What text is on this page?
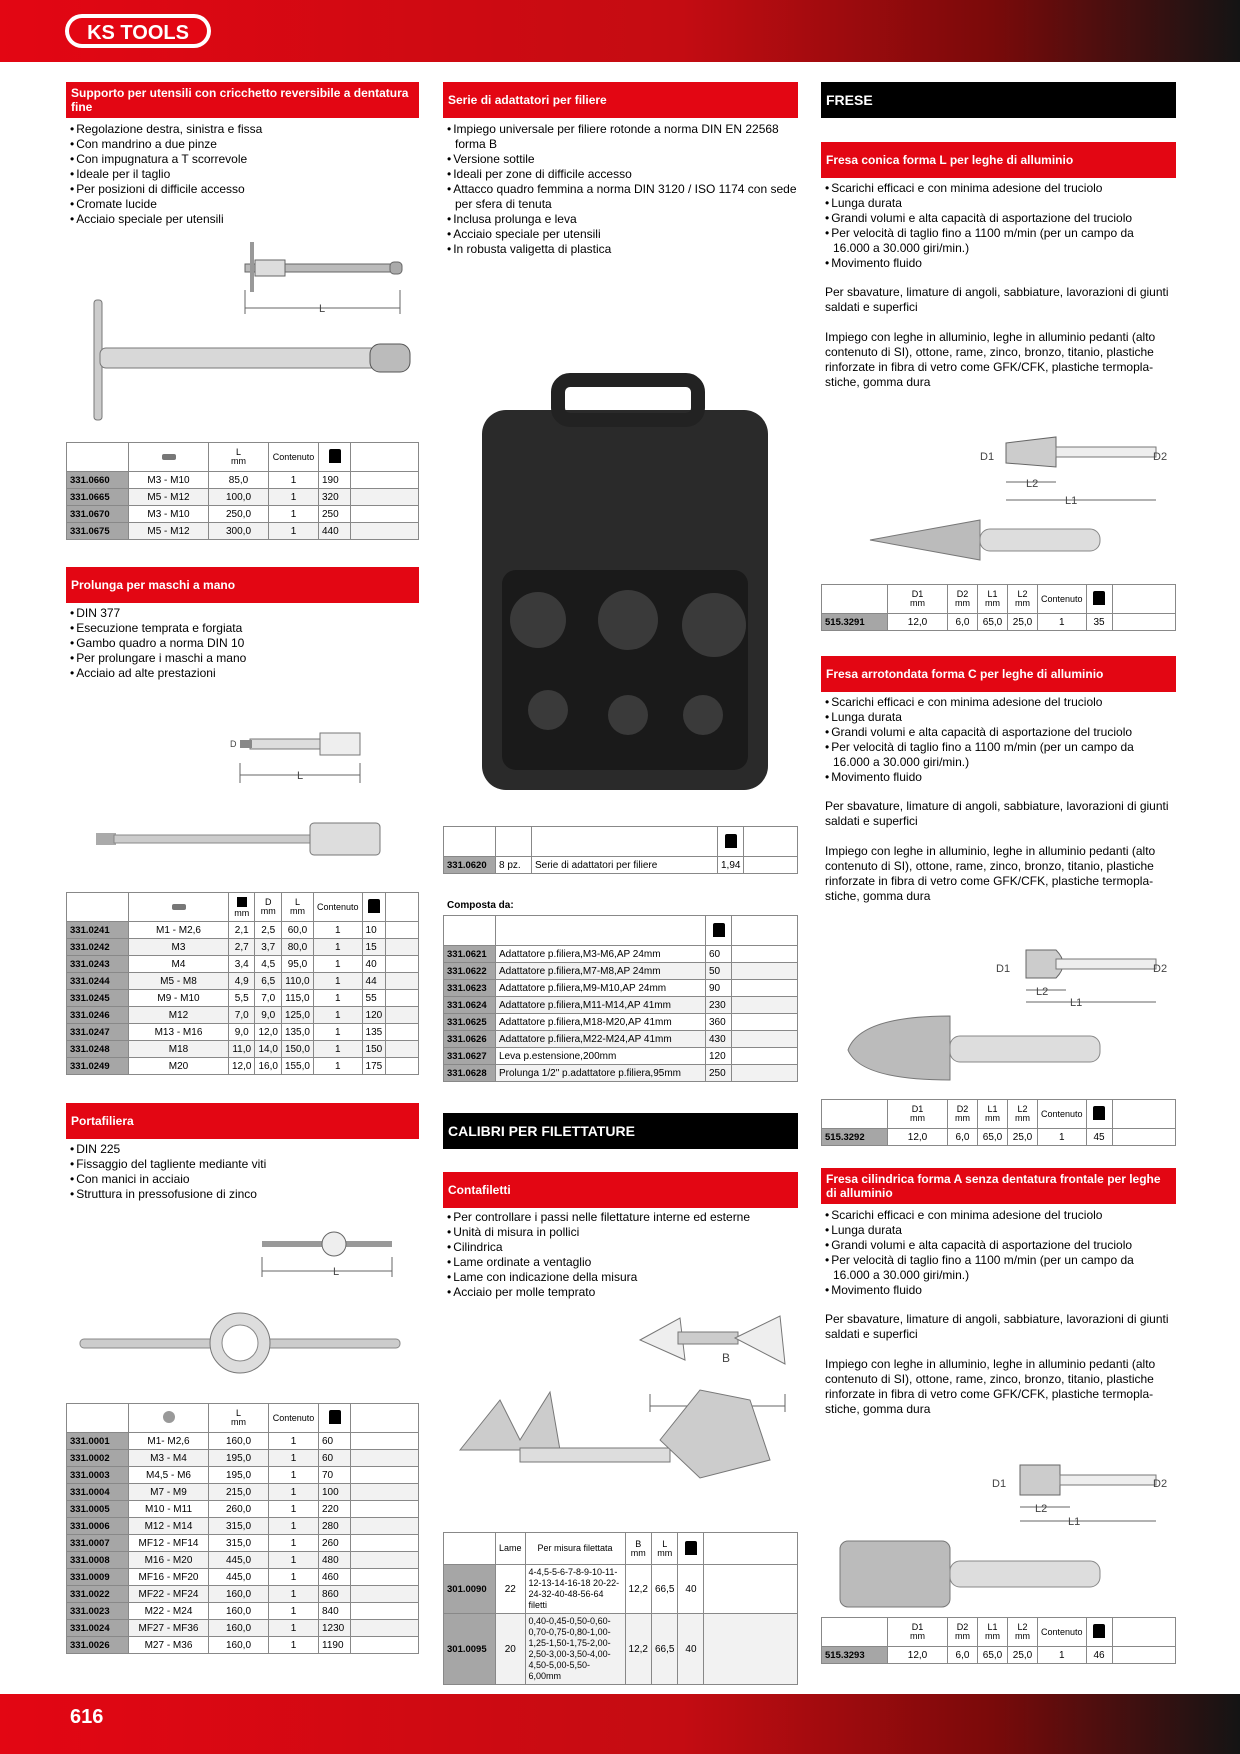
KS TOOLS
Supporto per utensili con cricchetto reversibile a dentatura fine
• Regolazione destra, sinistra e fissa
• Con mandrino a due pinze
• Con impugnatura a T scorrevole
• Ideale per il taglio
• Per posizioni di difficile accesso
• Cromate lucide
• Acciaio speciale per utensili
L
		L
mm	Contenuto		
331.0660	M3 - M10	85,0	1	190	
331.0665	M5 - M12	100,0	1	320	
331.0670	M3 - M10	250,0	1	250	
331.0675	M5 - M12	300,0	1	440	
Prolunga per maschi a mano
• DIN 377
• Esecuzione temprata e forgiata
• Gambo quadro a norma DIN 10
• Per prolungare i maschi a mano
• Acciaio ad alte prestazioni
D
L

mm	D
mm	L
mm	Contenuto		
331.0241	M1 - M2,6	2,1	2,5	60,0	1	10	
331.0242	M3	2,7	3,7	80,0	1	15	
331.0243	M4	3,4	4,5	95,0	1	40	
331.0244	M5 - M8	4,9	6,5	110,0	1	44	
331.0245	M9 - M10	5,5	7,0	115,0	1	55	
331.0246	M12	7,0	9,0	125,0	1	120	
331.0247	M13 - M16	9,0	12,0	135,0	1	135	
331.0248	M18	11,0	14,0	150,0	1	150	
331.0249	M20	12,0	16,0	155,0	1	175	
Portafiliera
• DIN 225
• Fissaggio del tagliente mediante viti
• Con manici in acciaio
• Struttura in pressofusione di zinco
L
		L
mm	Contenuto		
331.0001	M1- M2,6	160,0	1	60	
331.0002	M3 - M4	195,0	1	60	
331.0003	M4,5 - M6	195,0	1	70	
331.0004	M7 - M9	215,0	1	100	
331.0005	M10 - M11	260,0	1	220	
331.0006	M12 - M14	315,0	1	280	
331.0007	MF12 - MF14	315,0	1	260	
331.0008	M16 - M20	445,0	1	480	
331.0009	MF16 - MF20	445,0	1	460	
331.0022	MF22 - MF24	160,0	1	860	
331.0023	M22 - M24	160,0	1	840	
331.0024	MF27 - MF36	160,0	1	1230	
331.0026	M27 - M36	160,0	1	1190	
Serie di adattatori per filiere
• Impiego universale per filiere rotonde a norma DIN EN 22568 forma B
• Versione sottile
• Ideali per zone di difficile accesso
• Attacco quadro femmina a norma DIN 3120 / ISO 1174 con sede per sfera di tenuta
• Inclusa prolunga e leva
• Acciaio speciale per utensili
• In robusta valigetta di plastica

331.0620	8 pz.	Serie di adattatori per filiere	1,94	
Composta da:

331.0621	Adattatore p.filiera,M3-M6,AP 24mm	60	
331.0622	Adattatore p.filiera,M7-M8,AP 24mm	50	
331.0623	Adattatore p.filiera,M9-M10,AP 24mm	90	
331.0624	Adattatore p.filiera,M11-M14,AP 41mm	230	
331.0625	Adattatore p.filiera,M18-M20,AP 41mm	360	
331.0626	Adattatore p.filiera,M22-M24,AP 41mm	430	
331.0627	Leva p.estensione,200mm	120	
331.0628	Prolunga 1/2" p.adattatore p.filiera,95mm	250	
CALIBRI PER FILETTATURE
Contafiletti
• Per controllare i passi nelle filettature interne ed esterne
• Unità di misura in pollici
• Cilindrica
• Lame ordinate a ventaglio
• Lame con indicazione della misura
• Acciaio per molle temprato
B
	Lame	Per misura filettata	B
mm	L
mm		
301.0090	22	4-4,5-5-6-7-8-9-10-11-12-13-14-16-18 20-22-24-32-40-48-56-64 filetti	12,2	66,5	40	
301.0095	20	0,40-0,45-0,50-0,60-0,70-0,75-0,80-1,00-1,25-1,50-1,75-2,00-2,50-3,00-3,50-4,00-4,50-5,00-5,50-6,00mm	12,2	66,5	40	
FRESE
Fresa conica forma L per leghe di alluminio
• Scarichi efficaci e con minima adesione del truciolo
• Lunga durata
• Grandi volumi e alta capacità di asportazione del truciolo
• Per velocità di taglio fino a 1100 m/min (per un campo da 16.000 a 30.000 giri/min.)
• Movimento fluido

Per sbavature, limature di angoli, sabbiature, lavorazioni di giunti saldati e superfici

Impiego con leghe in alluminio, leghe in alluminio pedanti (alto contenuto di SI), ottone, rame, zinco, bronzo, titanio, plastiche rinforzate in fibra di vetro come GFK/CFK, plastiche termopla-stiche, gomma dura

D1	D2
L2
L1
	D1
mm	D2
mm	L1
mm	L2
mm	Contenuto		
515.3291	12,0	6,0	65,0	25,0	1	35	
Fresa arrotondata forma C per leghe di alluminio
• Scarichi efficaci e con minima adesione del truciolo
• Lunga durata
• Grandi volumi e alta capacità di asportazione del truciolo
• Per velocità di taglio fino a 1100 m/min (per un campo da 16.000 a 30.000 giri/min.)
• Movimento fluido

Per sbavature, limature di angoli, sabbiature, lavorazioni di giunti saldati e superfici

Impiego con leghe in alluminio, leghe in alluminio pedanti (alto contenuto di SI), ottone, rame, zinco, bronzo, titanio, plastiche rinforzate in fibra di vetro come GFK/CFK, plastiche termopla-stiche, gomma dura

D1	D2
L2
L1
	D1
mm	D2
mm	L1
mm	L2
mm	Contenuto		
515.3292	12,0	6,0	65,0	25,0	1	45	
Fresa cilindrica forma A senza dentatura frontale per leghe di alluminio
• Scarichi efficaci e con minima adesione del truciolo
• Lunga durata
• Grandi volumi e alta capacità di asportazione del truciolo
• Per velocità di taglio fino a 1100 m/min (per un campo da 16.000 a 30.000 giri/min.)
• Movimento fluido

Per sbavature, limature di angoli, sabbiature, lavorazioni di giunti saldati e superfici

Impiego con leghe in alluminio, leghe in alluminio pedanti (alto contenuto di SI), ottone, rame, zinco, bronzo, titanio, plastiche rinforzate in fibra di vetro come GFK/CFK, plastiche termopla-stiche, gomma dura

D1	D2
L2
L1
	D1
mm	D2
mm	L1
mm	L2
mm	Contenuto		
515.3293	12,0	6,0	65,0	25,0	1	46	
616
